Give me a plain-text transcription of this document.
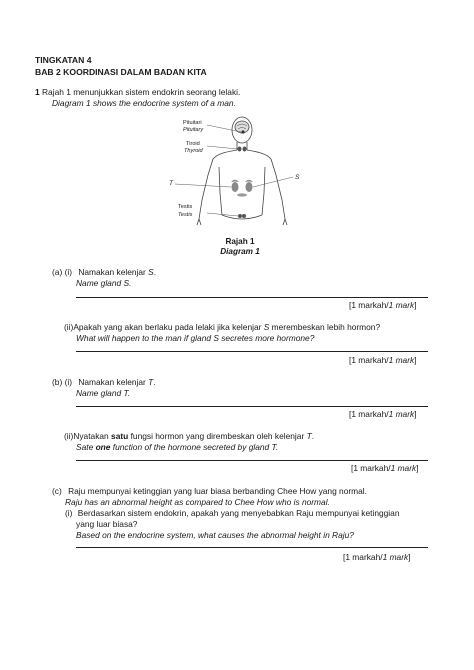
TINGKATAN 4
BAB 2 KOORDINASI DALAM BADAN KITA
1 Rajah 1 menunjukkan sistem endokrin seorang lelaki.
Diagram 1 shows the endocrine system of a man.
Pituitari
Pituitary
Tiroid
Thyroid
T
S
Testis
Testis
Rajah 1
Diagram 1
(a) (i) Namakan kelenjar S.
Name gland S.
[1 markah/1 mark]
(ii)Apakah yang akan berlaku pada lelaki jika kelenjar S merembeskan lebih hormon?
What will happen to the man if gland S secretes more hormone?
[1 markah/1 mark]
(b) (i) Namakan kelenjar T.
Name gland T.
[1 markah/1 mark]
(ii)Nyatakan satu fungsi hormon yang dirembeskan oleh kelenjar T.
Sate one function of the hormone secreted by gland T.
[1 markah/1 mark]
(c) Raju mempunyai ketinggian yang luar biasa berbanding Chee How yang normal.
Raju has an abnormal height as compared to Chee How who is normal.
(i) Berdasarkan sistem endokrin, apakah yang menyebabkan Raju mempunyai ketinggian
yang luar biasa?
Based on the endocrine system, what causes the abnormal height in Raju?
[1 markah/1 mark]
